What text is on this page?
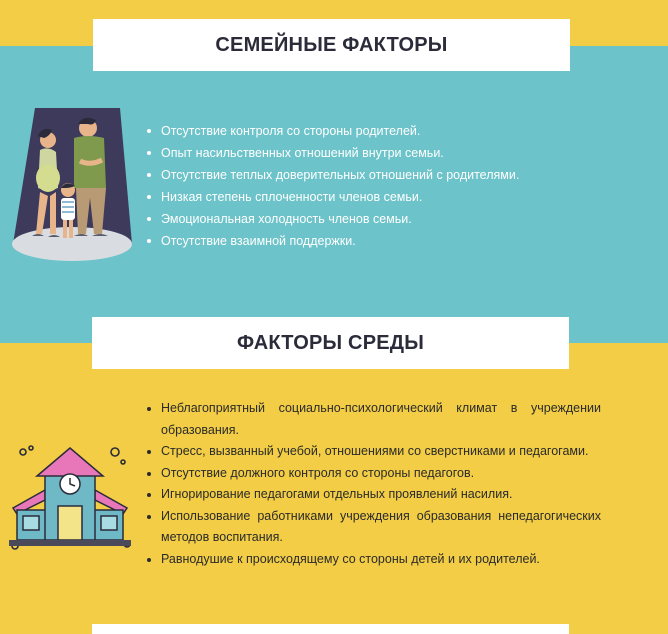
СЕМЕЙНЫЕ ФАКТОРЫ
Отсутствие контроля со стороны родителей.
Опыт насильственных отношений внутри семьи.
Отсутствие теплых доверительных отношений с родителями.
Низкая степень сплоченности членов семьи.
Эмоциональная холодность членов семьи.
Отсутствие взаимной поддержки.
ФАКТОРЫ СРЕДЫ
Неблагоприятный социально-психологический климат в учреждении образования.
Стресс, вызванный учебой, отношениями со сверстниками и педагогами.
Отсутствие должного контроля со стороны педагогов.
Игнорирование педагогами отдельных проявлений насилия.
Использование работниками учреждения образования непедагогических методов воспитания.
Равнодушие к происходящему со стороны детей и их родителей.
